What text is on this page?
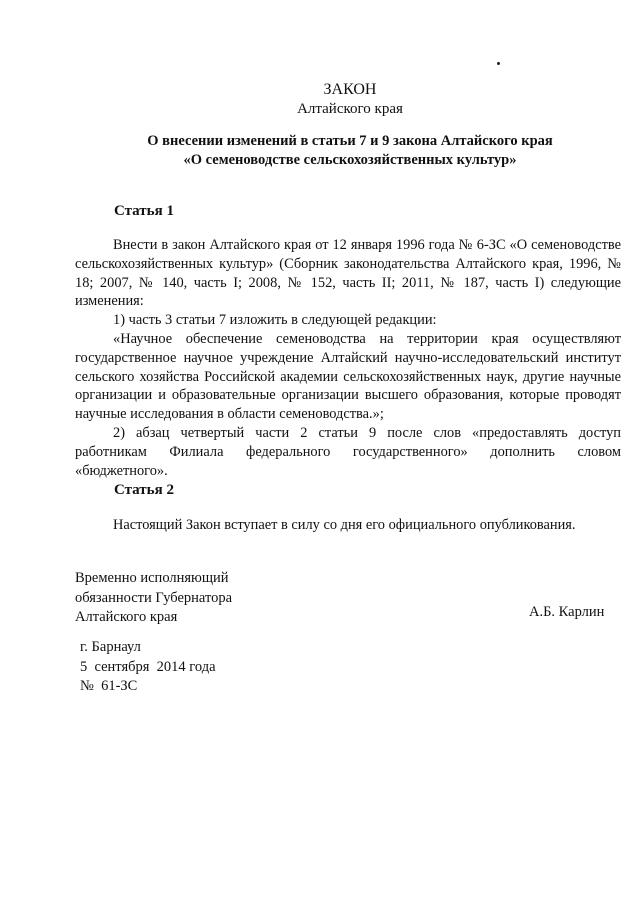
ЗАКОН
Алтайского края
О внесении изменений в статьи 7 и 9 закона Алтайского края
«О семеноводстве сельскохозяйственных культур»
Статья 1

Внести в закон Алтайского края от 12 января 1996 года № 6-ЗС «О семеноводстве сельскохозяйственных культур» (Сборник законодательства Алтайского края, 1996, № 18; 2007, № 140, часть I; 2008, № 152, часть II; 2011, № 187, часть I) следующие изменения:

1) часть 3 статьи 7 изложить в следующей редакции:

«Научное обеспечение семеноводства на территории края осуществляют государственное научное учреждение Алтайский научно-исследовательский институт сельского хозяйства Российской академии сельскохозяйственных наук, другие научные организации и образовательные организации высшего образования, которые проводят научные исследования в области семеноводства.»;

2) абзац четвертый части 2 статьи 9 после слов «предоставлять доступ работникам Филиала федерального государственного» дополнить словом «бюджетного».

Статья 2

Настоящий Закон вступает в силу со дня его официального опубликования.

Временно исполняющий
обязанности Губернатора
Алтайского края	А.Б. Карлин
г. Барнаул
5  сентября  2014 года
№  61-ЗС
